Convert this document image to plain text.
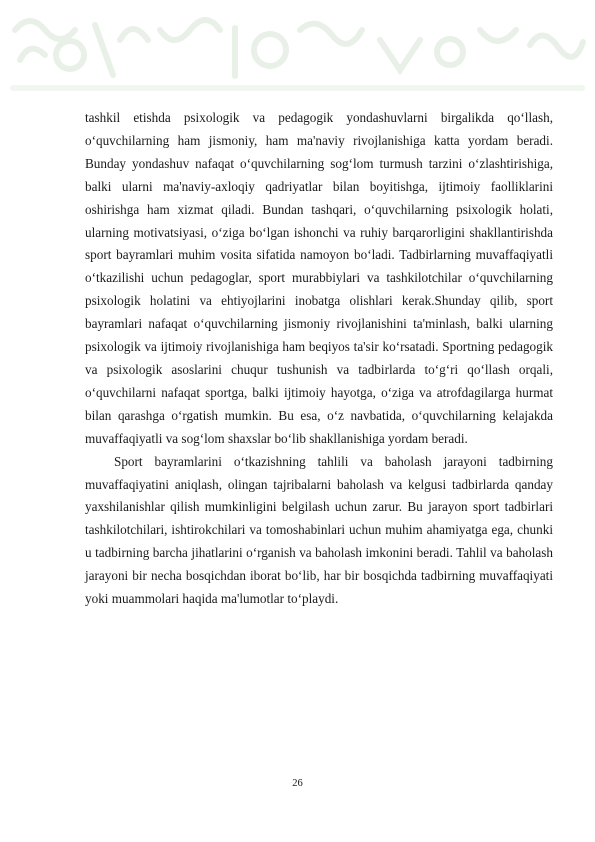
tashkil etishda psixologik va pedagogik yondashuvlarni birgalikda qo‘llash, o‘quvchilarning ham jismoniy, ham ma'naviy rivojlanishiga katta yordam beradi. Bunday yondashuv nafaqat o‘quvchilarning sog‘lom turmush tarzini o‘zlashtirishiga, balki ularni ma'naviy-axloqiy qadriyatlar bilan boyitishga, ijtimoiy faolliklarini oshirishga ham xizmat qiladi. Bundan tashqari, o‘quvchilarning psixologik holati, ularning motivatsiyasi, o‘ziga bo‘lgan ishonchi va ruhiy barqarorligini shakllantirishda sport bayramlari muhim vosita sifatida namoyon bo‘ladi. Tadbirlarning muvaffaqiyatli o‘tkazilishi uchun pedagoglar, sport murabbiylari va tashkilotchilar o‘quvchilarning psixologik holatini va ehtiyojlarini inobatga olishlari kerak.Shunday qilib, sport bayramlari nafaqat o‘quvchilarning jismoniy rivojlanishini ta'minlash, balki ularning psixologik va ijtimoiy rivojlanishiga ham beqiyos ta'sir ko‘rsatadi. Sportning pedagogik va psixologik asoslarini chuqur tushunish va tadbirlarda to‘g‘ri qo‘llash orqali, o‘quvchilarni nafaqat sportga, balki ijtimoiy hayotga, o‘ziga va atrofdagilarga hurmat bilan qarashga o‘rgatish mumkin. Bu esa, o‘z navbatida, o‘quvchilarning kelajakda muvaffaqiyatli va sog‘lom shaxslar bo‘lib shakllanishiga yordam beradi.

Sport bayramlarini o‘tkazishning tahlili va baholash jarayoni tadbirning muvaffaqiyatini aniqlash, olingan tajribalarni baholash va kelgusi tadbirlarda qanday yaxshilanishlar qilish mumkinligini belgilash uchun zarur. Bu jarayon sport tadbirlari tashkilotchilari, ishtirokchilari va tomoshabinlari uchun muhim ahamiyatga ega, chunki u tadbirning barcha jihatlarini o‘rganish va baholash imkonini beradi. Tahlil va baholash jarayoni bir necha bosqichdan iborat bo‘lib, har bir bosqichda tadbirning muvaffaqiyati yoki muammolari haqida ma'lumotlar to‘playdi.

26
